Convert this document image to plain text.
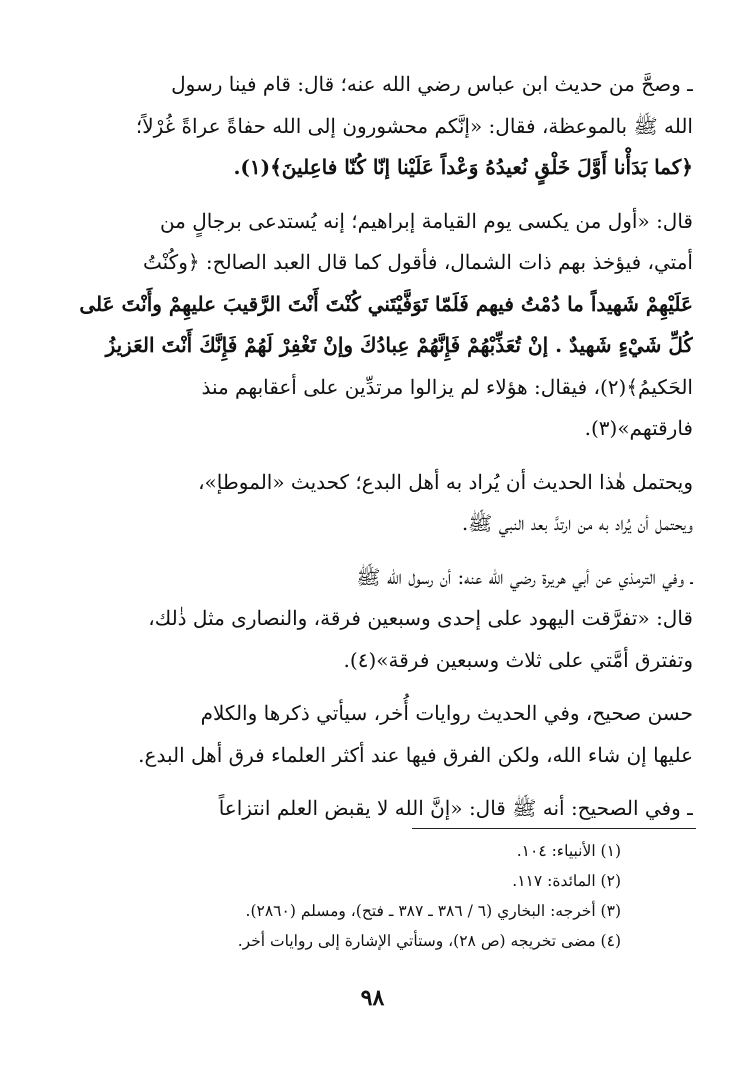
ـ وصحَّ من حديث ابن عباس رضي الله عنه؛ قال: قام فينا رسول
الله ﷺ بالموعظة، فقال: «إنَّكم محشورون إلى الله حفاةً عراةً غُرْلاً؛
﴿كما بَدَأْنا أَوَّلَ خَلْقٍ نُعيدُهُ وَعْداً عَلَيْنا إنّا كُنّا فاعِلينَ﴾(١).

قال: «أول من يكسى يوم القيامة إبراهيم؛ إنه يُستدعى برجالٍ من
أمتي، فيؤخذ بهم ذات الشمال، فأقول كما قال العبد الصالح: ﴿وكُنْتُ
عَلَيْهِمْ شَهيداً ما دُمْتُ فيهم فَلَمّا تَوَفَّيْتَني كُنْتَ أَنْتَ الرَّقيبَ عليهِمْ وأَنْتَ عَلى
كُلِّ شَيْءٍ شَهيدٌ . إنْ تُعَذِّبْهُمْ فَإِنَّهُمْ عِبادُكَ وإنْ تَغْفِرْ لَهُمْ فَإِنَّكَ أَنْتَ العَزيزُ
الحَكيمُ﴾(٢)، فيقال: هؤلاء لم يزالوا مرتدِّين على أعقابهم منذ
فارقتهم»(٣).

ويحتمل هٰذا الحديث أن يُراد به أهل البدع؛ كحديث «الموطإ»،
ويحتمل أن يُراد به من ارتدَّ بعد النبي ﷺ.

ـ وفي الترمذي عن أبي هريرة رضي الله عنه: أن رسول الله ﷺ
قال: «تفرَّقت اليهود على إحدى وسبعين فرقة، والنصارى مثل ذٰلك،
وتفترق أمَّتي على ثلاث وسبعين فرقة»(٤).

حسن صحيح، وفي الحديث روايات أُخر، سيأتي ذكرها والكلام
عليها إن شاء الله، ولكن الفرق فيها عند أكثر العلماء فرق أهل البدع.

ـ وفي الصحيح: أنه ﷺ قال: «إنَّ الله لا يقبض العلم انتزاعاً

(١) الأنبياء: ١٠٤.
(٢) المائدة: ١١٧.
(٣) أخرجه: البخاري (٦ / ٣٨٦ ـ ٣٨٧ ـ فتح)، ومسلم (٢٨٦٠).
(٤) مضى تخريجه (ص ٢٨)، وستأتي الإشارة إلى روايات أخر.
٩٨
